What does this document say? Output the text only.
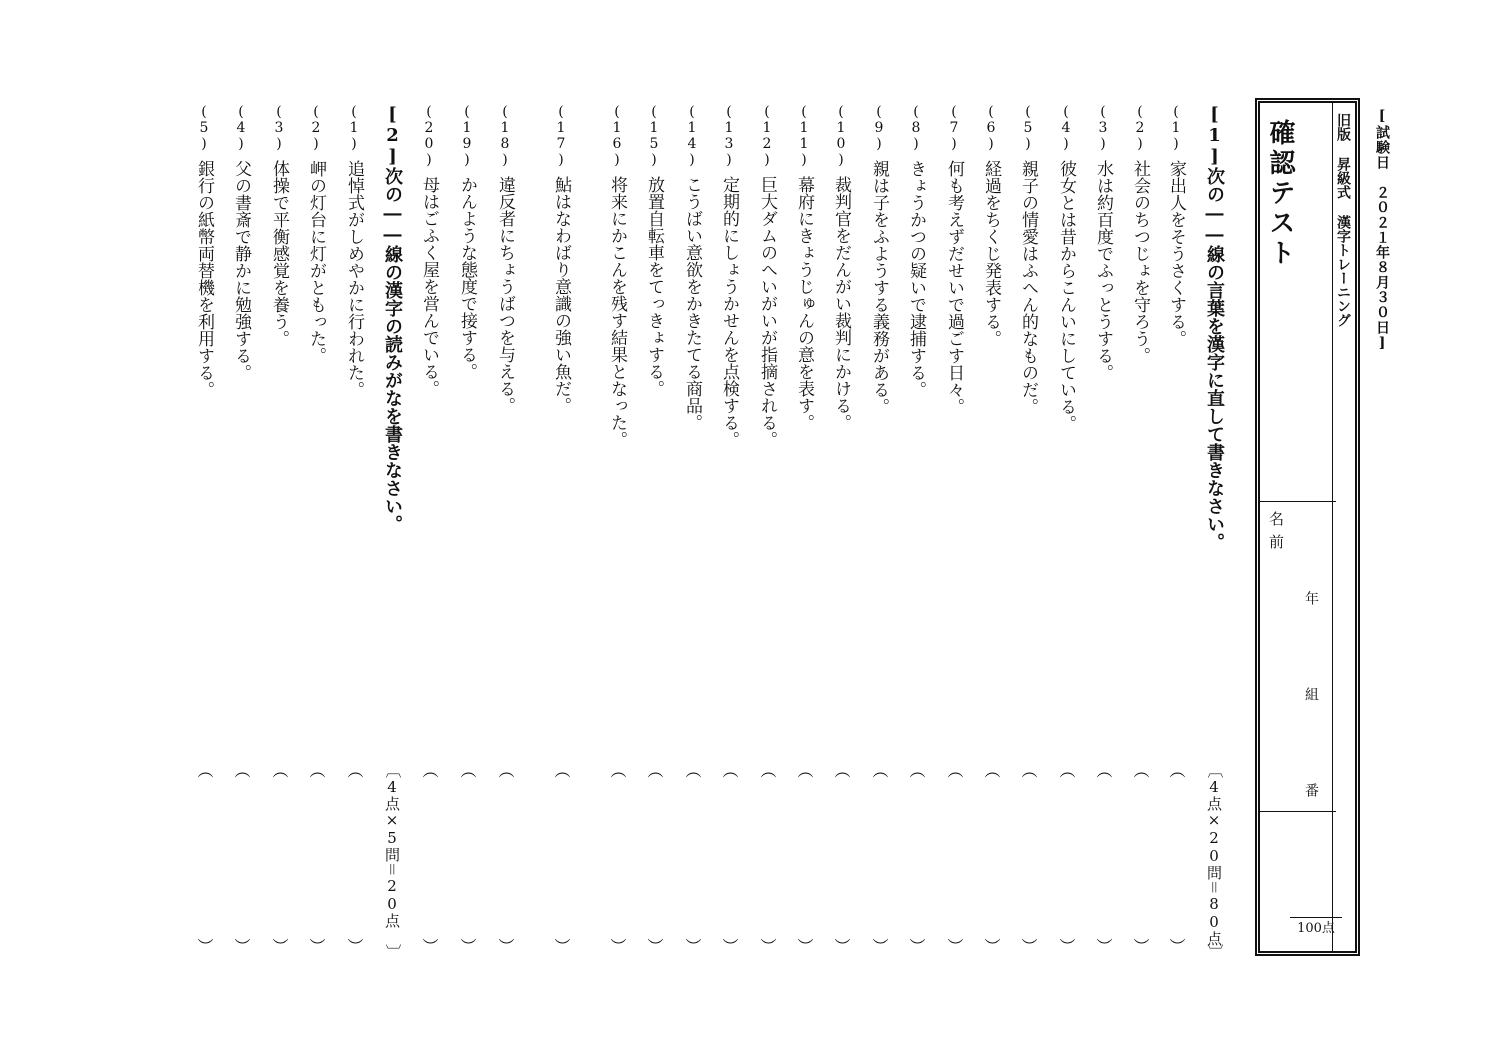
[試験日　２０２１年８月３０日]
旧版 昇級式 漢字トレーニング
確認テスト
名前
年
組
番
100点
[1]次の――線の言葉を漢字に直して書きなさい。
〔4点×20問＝80点〕
(1)家出人をそうさくする。
(2)社会のちつじょを守ろう。
(3)水は約百度でふっとうする。
(4)彼女とは昔からこんいにしている。
(5)親子の情愛はふへん的なものだ。
(6)経過をちくじ発表する。
(7)何も考えずだせいで過ごす日々。
(8)きょうかつの疑いで逮捕する。
(9)親は子をふようする義務がある。
(10)裁判官をだんがい裁判にかける。
(11)幕府にきょうじゅんの意を表す。
(12)巨大ダムのへいがいが指摘される。
(13)定期的にしょうかせんを点検する。
(14)こうばい意欲をかきたてる商品。
(15)放置自転車をてっきょする。
(16)将来にかこんを残す結果となった。
(17)鮎はなわばり意識の強い魚だ。
(18)違反者にちょうばつを与える。
(19)かんような態度で接する。
(20)母はごふく屋を営んでいる。
（　　　　　　　　　　）
（　　　　　　　　　　）
（　　　　　　　　　　）
（　　　　　　　　　　）
（　　　　　　　　　　）
（　　　　　　　　　　）
（　　　　　　　　　　）
（　　　　　　　　　　）
（　　　　　　　　　　）
（　　　　　　　　　　）
（　　　　　　　　　　）
（　　　　　　　　　　）
（　　　　　　　　　　）
（　　　　　　　　　　）
（　　　　　　　　　　）
（　　　　　　　　　　）
（　　　　　　　　　　）
（　　　　　　　　　　）
（　　　　　　　　　　）
（　　　　　　　　　　）
[2]次の――線の漢字の読みがなを書きなさい。
〔4点×5問＝20点〕
(1)追悼式がしめやかに行われた。
(2)岬の灯台に灯がともった。
(3)体操で平衡感覚を養う。
(4)父の書斎で静かに勉強する。
(5)銀行の紙幣両替機を利用する。
（　　　　　　　　　　）
（　　　　　　　　　　）
（　　　　　　　　　　）
（　　　　　　　　　　）
（　　　　　　　　　　）
